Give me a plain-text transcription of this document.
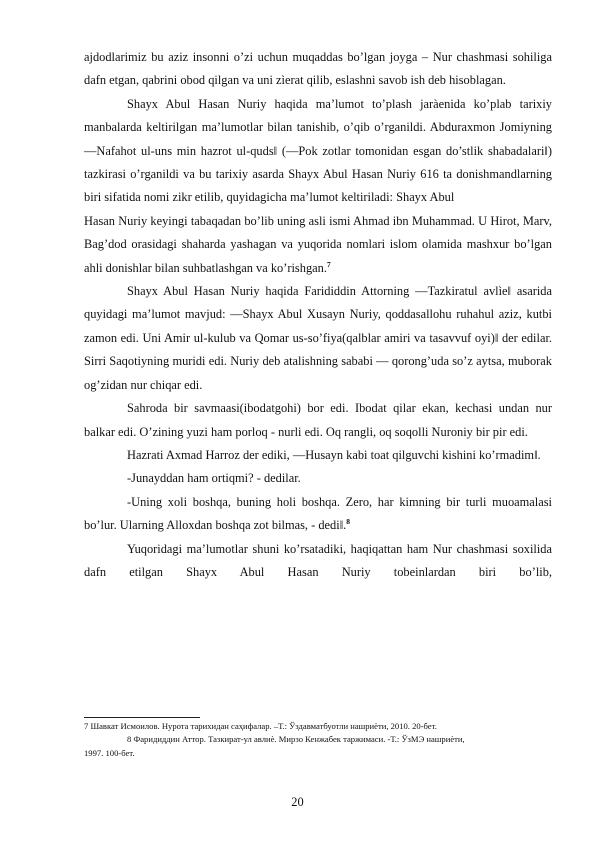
ajdodlarimiz bu aziz insonni o’zi uchun muqaddas bo’lgan joyga – Nur chashmasi sohiliga dafn etgan, qabrini obod qilgan va uni zìerat qilib, eslashni savob ish deb hisoblagan.

Shayx Abul Hasan Nuriy haqida ma’lumot to’plash jaràenida ko’plab tarixiy manbalarda keltirilgan ma’lumotlar bilan tanishib, o’qib o’rganildi. Abduraxmon Jomiyning ―Nafahot ul-uns min hazrot ul-quds‖ (―Pok zotlar tomonidan esgan do’stlik shabadalari‖) tazkirasi o’rganildi va bu tarixiy asarda Shayx Abul Hasan Nuriy 616 ta donishmandlarning biri sifatida nomi zikr etilib, quyidagicha ma’lumot keltiriladi: Shayx Abul

Hasan Nuriy keyingi tabaqadan bo’lib uning asli ismi Ahmad ibn Muhammad. U Hirot, Marv, Bag’dod orasidagi shaharda yashagan va yuqorida nomlari islom olamida mashxur bo’lgan ahli donishlar bilan suhbatlashgan va ko’rishgan.$^7$

Shayx Abul Hasan Nuriy haqida Farididdin Attorning ―Tazkiratul avlìe‖ asarida quyidagi ma’lumot mavjud: ―Shayx Abul Xusayn Nuriy, qoddasallohu ruhahul aziz, kutbi zamon edi. Uni Amir ul-kulub va Qomar us-so’fiya(qalblar amiri va tasavvuf oyi)‖ der edilar. Sirri Saqotiyning muridi edi. Nuriy deb atalishning sababi — qorong’uda so’z aytsa, muborak og’zidan nur chiqar edi.

Sahroda bir savmaasi(ibodatgohi) bor edi. Ibodat qilar ekan, kechasi undan nur balkar edi. O’zining yuzi ham porloq - nurli edi. Oq rangli, oq soqolli Nuroniy bir pir edi.

Hazrati Axmad Harroz der ediki, ―Husayn kabi toat qilguvchi kishini ko’rmadim‖.

-Junayddan ham ortiqmi? - dedilar.

-Uning xoli boshqa, buning holi boshqa. Zero, har kimning bir turli muoamalasi bo’lur. Ularning Alloxdan boshqa zot bilmas, - dedi‖.$^8$

Yuqoridagi ma’lumotlar shuni ko’rsatadiki, haqiqattan ham Nur chashmasi soxilida dafn etilgan Shayx Abul Hasan Nuriy tobeinlardan biri bo’lib,

7 Шавкат Исмоилов. Нурота тарихидан саҳифалар. –Т.: Ўздавматбуотли нашриѐти, 2010. 20-бет.
8 Фаридиддин Аттор. Тазкират-ул авлиѐ. Мирзо Кенжабек таржимаси. -Т.: ЎзМЭ нашриѐти,
1997. 100-бет.
20
